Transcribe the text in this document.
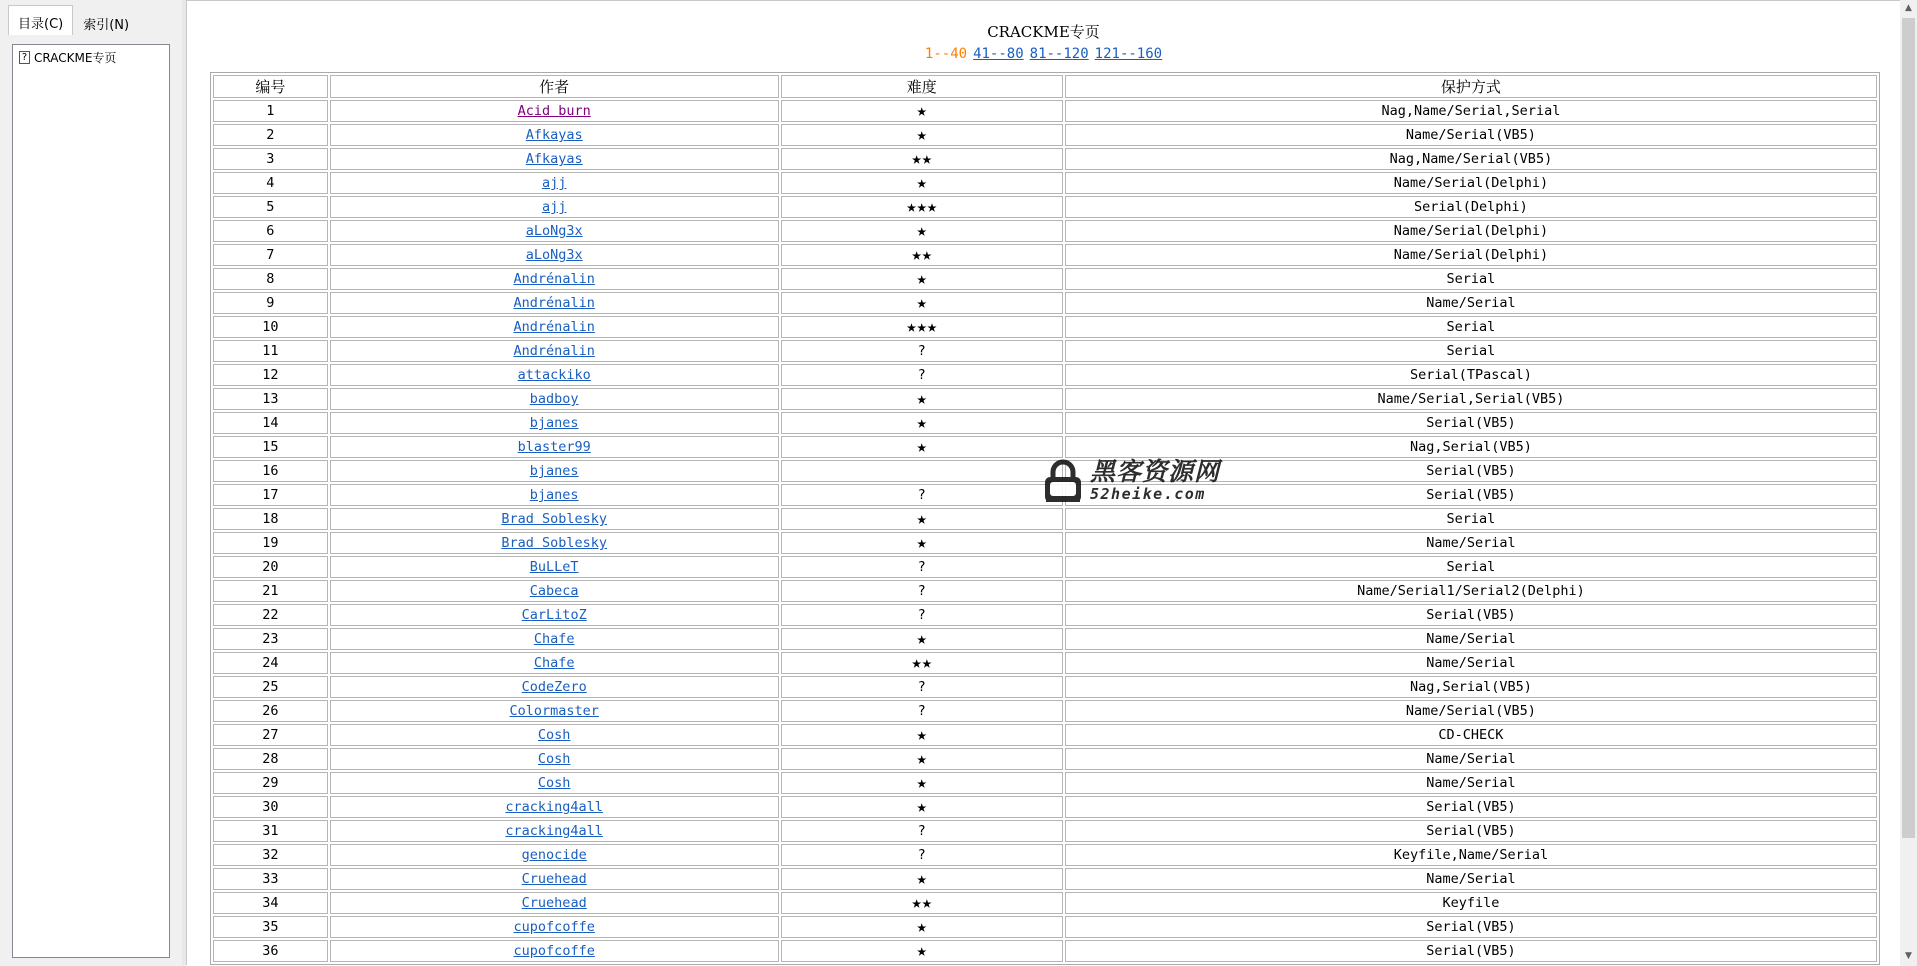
目录(C)	索引(N)
? CRACKME专页
CRACKME专页
1--40 41--80 81--120 121--160
编号	作者	难度	保护方式
1	Acid burn	★	Nag,Name/Serial,Serial
2	Afkayas	★	Name/Serial(VB5)
3	Afkayas	★★	Nag,Name/Serial(VB5)
4	ajj	★	Name/Serial(Delphi)
5	ajj	★★★	Serial(Delphi)
6	aLoNg3x	★	Name/Serial(Delphi)
7	aLoNg3x	★★	Name/Serial(Delphi)
8	Andrénalin	★	Serial
9	Andrénalin	★	Name/Serial
10	Andrénalin	★★★	Serial
11	Andrénalin	?	Serial
12	attackiko	?	Serial(TPascal)
13	badboy	★	Name/Serial,Serial(VB5)
14	bjanes	★	Serial(VB5)
15	blaster99	★	Nag,Serial(VB5)
16	bjanes		Serial(VB5)
17	bjanes	?	Serial(VB5)
18	Brad Soblesky	★	Serial
19	Brad Soblesky	★	Name/Serial
20	BuLLeT	?	Serial
21	Cabeca	?	Name/Serial1/Serial2(Delphi)
22	CarLitoZ	?	Serial(VB5)
23	Chafe	★	Name/Serial
24	Chafe	★★	Name/Serial
25	CodeZero	?	Nag,Serial(VB5)
26	Colormaster	?	Name/Serial(VB5)
27	Cosh	★	CD-CHECK
28	Cosh	★	Name/Serial
29	Cosh	★	Name/Serial
30	cracking4all	★	Serial(VB5)
31	cracking4all	?	Serial(VB5)
32	genocide	?	Keyfile,Name/Serial
33	Cruehead	★	Name/Serial
34	Cruehead	★★	Keyfile
35	cupofcoffe	★	Serial(VB5)
36	cupofcoffe	★	Serial(VB5)
黑客资源网
52heike.com
▲
▼
